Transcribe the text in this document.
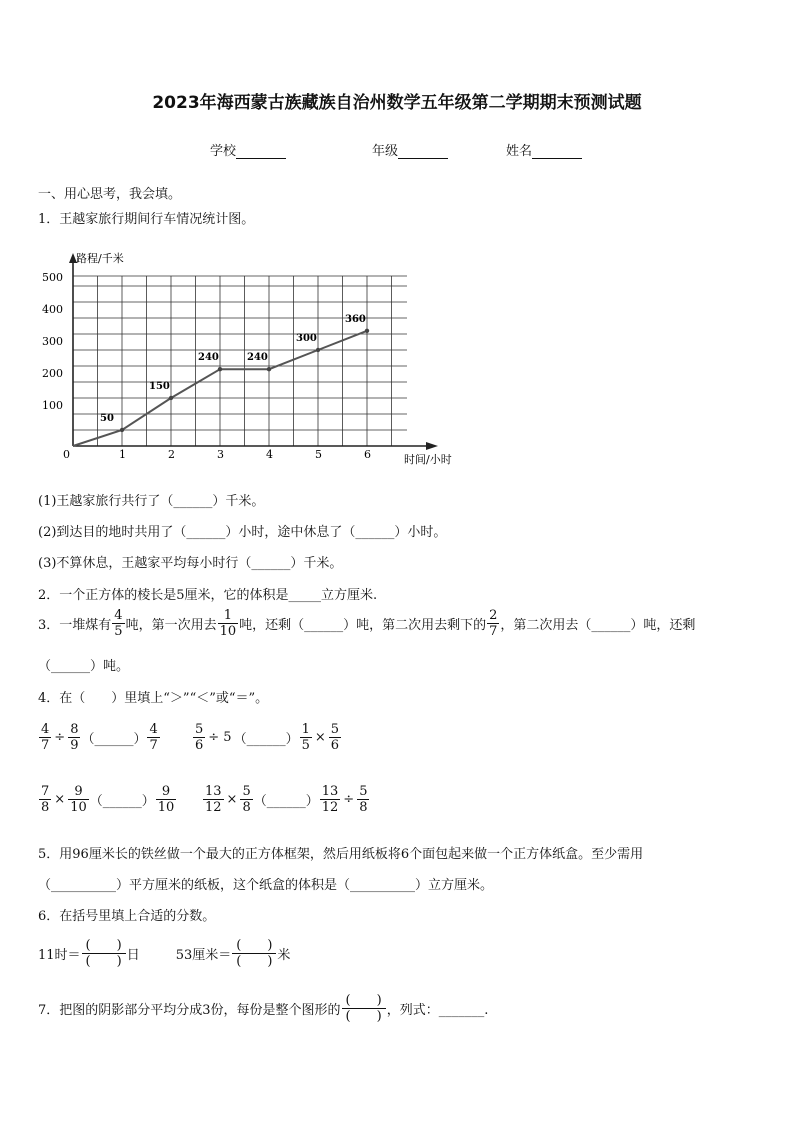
2023年海西蒙古族藏族自治州数学五年级第二学期期末预测试题
学校	年级	姓名
一、用心思考，我会填。
1．王越家旅行期间行车情况统计图。
路程/千米
时间/小时
0	1	2	3	4	5	6
100
200
300
400
500
50
150
240	240
300
360
(1)王越家旅行共行了（______）千米。
(2)到达目的地时共用了（______）小时，途中休息了（______）小时。
(3)不算休息，王越家平均每小时行（______）千米。
2．一个正方体的棱长是5厘米，它的体积是_____立方厘米.
3．一堆煤有 $\frac{4}{5}$ 吨，第一次用去 $\frac{1}{10}$ 吨，还剩（______）吨，第二次用去剩下的 $\frac{2}{7}$ ，第二次用去（______）吨，还剩
（______）吨。
4．在（　　）里填上“＞”“＜”或“＝”。
$\frac{4}{7} \div \frac{8}{9}$ （______） $\frac{4}{7}$	$\frac{5}{6} \div 5$ （______） $\frac{1}{5} \times \frac{5}{6}$
$\frac{7}{8} \times \frac{9}{10}$ （______） $\frac{9}{10} \frac{13}{12} \times \frac{5}{8}$ （______） $\frac{13}{12} \div \frac{5}{8}$
5．用96厘米长的铁丝做一个最大的正方体框架，然后用纸板将6个面包起来做一个正方体纸盒。至少需用
（__________）平方厘米的纸板，这个纸盒的体积是（__________）立方厘米。
6．在括号里填上合适的分数。
11时＝ $\frac{( )}{( )}$ 日	53厘米＝ $\frac{( )}{( )}$ 米
7．把图的阴影部分平均分成3份，每份是整个图形的 $\frac{( )}{( )}$ ，列式：_______.
